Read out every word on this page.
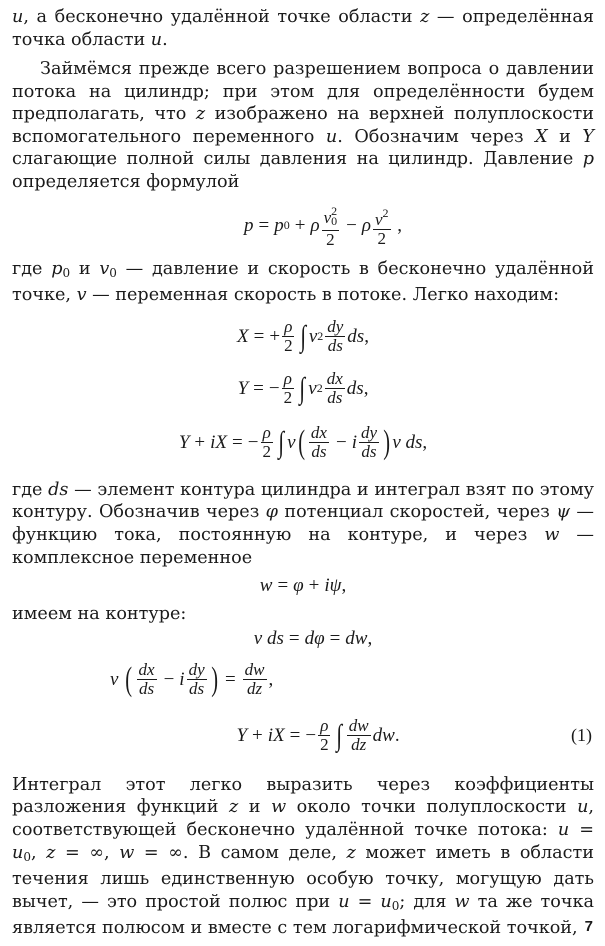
u, а бесконечно удалённой точке области z — определённая точка области u.

Займёмся прежде всего разрешением вопроса о давлении потока на цилиндр; при этом для определённости будем предполагать, что z изображено на верхней полуплоскости вспомогательного переменного u. Обозначим через X и Y слагающие полной силы давления на цилиндр. Давление p определяется формулой

p = p 0 + ρ $\frac{v0^2}{2} - \rho \frac{v^2}{2}$ ,

где $p_0$ и $v_0$ — давление и скорость в бесконечно удалённой точке, v — переменная скорость в потоке. Легко находим:

X = + $\frac{\rho}{2}$ ∫ v $2 \frac{dy}{ds}$ ds ,
Y = − $\frac{\rho}{2}$ ∫ v $2 \frac{dx}{ds}$ ds ,
Y + iX = − $\frac{\rho}{2}$ ∫ v ( $\frac{dx}{ds} - i \frac{dy}{ds}$ ) v ds ,

где ds — элемент контура цилиндра и интеграл взят по этому контуру. Обозначив через φ потенциал скоростей, через ψ — функцию тока, постоянную на контуре, и через w — комплексное переменное

w = φ + iψ ,

имеем на контуре:

v ds = dφ = dw ,
v
( $\frac{dx}{ds} - i \frac{dy}{ds}$ ) = $\frac{dw}{dz}$ ,
Y + iX = − $\frac{\rho}{2}$ ∫ $\frac{dw}{dz}$ dw .	(1)

Интеграл этот легко выразить через коэффициенты разложения функций z и w около точки полуплоскости u, соответствующей бесконечно удалённой точке потока: $u = u_0$, z = ∞, w = ∞. В самом деле, z может иметь в области течения лишь единственную особую точку, могущую дать вычет, — это простой полюс при $u = u_0$; для w та же точка является полюсом и вместе с тем логарифмической точкой, 7
